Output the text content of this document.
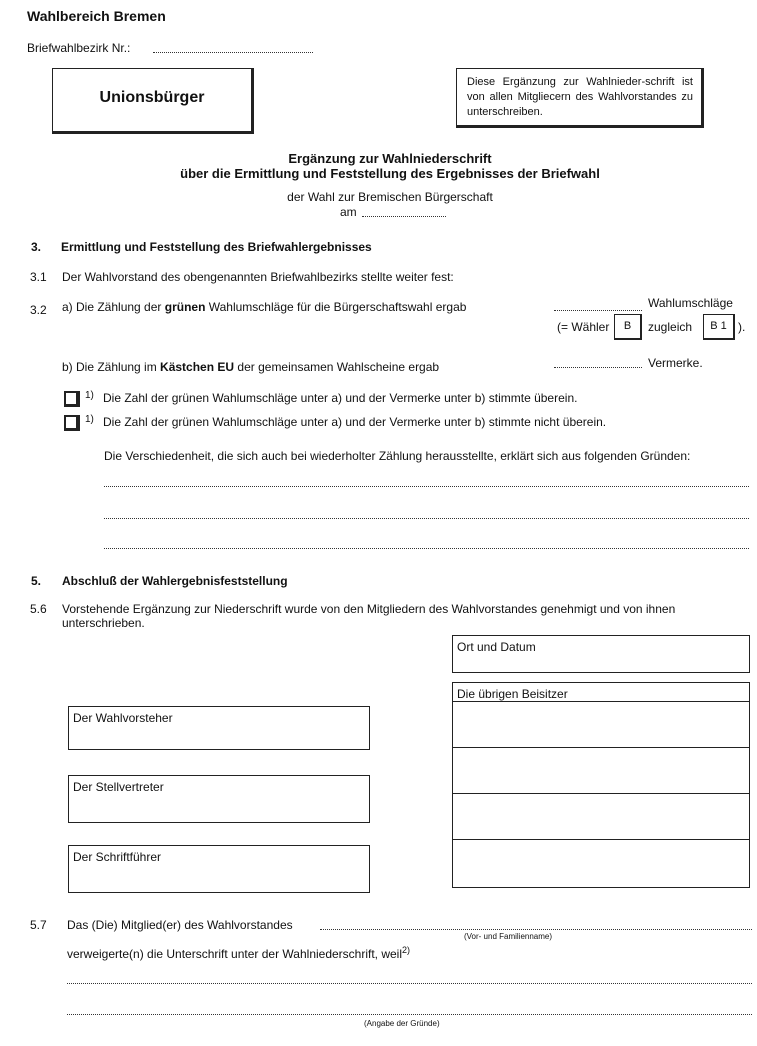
Wahlbereich Bremen
Briefwahlbezirk Nr.:
Unionsbürger
Diese Ergänzung zur Wahlnieder-schrift ist von allen Mitgliecern des Wahlvorstandes zu unterschreiben.
Ergänzung zur Wahlniederschrift
über die Ermittlung und Feststellung des Ergebnisses der Briefwahl
der Wahl zur Bremischen Bürgerschaft
am
3. Ermittlung und Feststellung des Briefwahlergebnisses
3.1 Der Wahlvorstand des obengenannten Briefwahlbezirks stellte weiter fest:
3.2 a) Die Zählung der grünen Wahlumschläge für die Bürgerschaftswahl ergab	Wahlumschläge
(= Wähler	B	zugleich	B 1 ).
b) Die Zählung im Kästchen EU der gemeinsamen Wahlscheine ergab	Vermerke.
1) Die Zahl der grünen Wahlumschläge unter a) und der Vermerke unter b) stimmte überein.
1) Die Zahl der grünen Wahlumschläge unter a) und der Vermerke unter b) stimmte nicht überein.
Die Verschiedenheit, die sich auch bei wiederholter Zählung herausstellte, erklärt sich aus folgenden Gründen:
5. Abschluß der Wahlergebnisfeststellung
5.6 Vorstehende Ergänzung zur Niederschrift wurde von den Mitgliedern des Wahlvorstandes genehmigt und von ihnen unterschrieben.
Ort und Datum
Die übrigen Beisitzer
Der Wahlvorsteher
Der Stellvertreter
Der Schriftführer
5.7 Das (Die) Mitglied(er) des Wahlvorstandes
(Vor- und Familienname)
verweigerte(n) die Unterschrift unter der Wahlniederschrift, weil$^{2)}$
(Angabe der Gründe)
